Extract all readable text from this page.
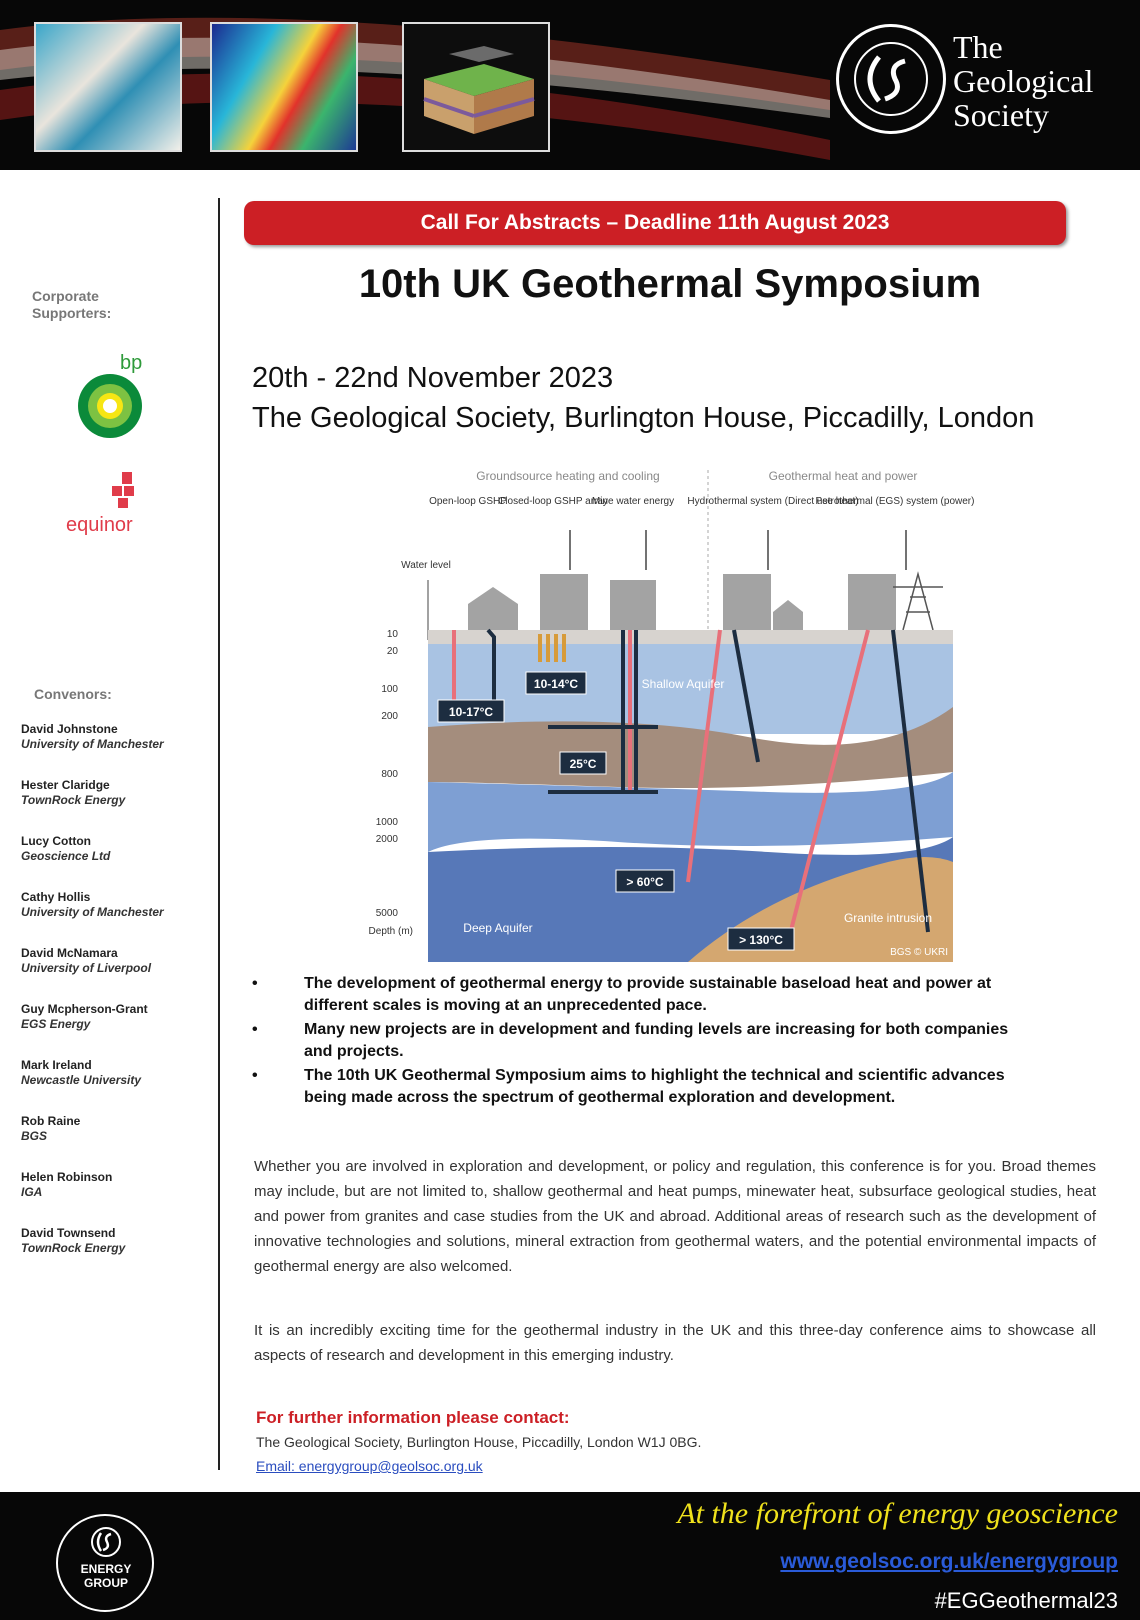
The Geological Society
Corporate Supporters:
bp
equinor
Convenors:
David Johnstone
University of Manchester
Hester Claridge
TownRock Energy
Lucy Cotton
Geoscience Ltd
Cathy Hollis
University of Manchester
David McNamara
University of Liverpool
Guy Mcpherson-Grant
EGS Energy
Mark Ireland
Newcastle University
Rob Raine
BGS
Helen Robinson
IGA
David Townsend
TownRock Energy
Call For Abstracts – Deadline 11th August 2023
10th UK Geothermal Symposium
20th - 22nd November 2023
The Geological Society, Burlington House, Piccadilly, London
Groundsource heating and cooling	Geothermal heat and power
Open-loop GSHP
Closed-loop GSHP array
Mine water energy Hydrothermal system (Direct use heat)
Petrothermal (EGS) system (power)
Water level
10
20
100
200
800
1000
2000
5000
Depth (m)
10-17°C
10-14°C
25°C
> 60°C
> 130°C
Shallow Aquifer
Deep Aquifer
Granite intrusion
BGS © UKRI
•	The development of geothermal energy to provide sustainable baseload heat and power at different scales is moving at an unprecedented pace.
•	Many new projects are in development and funding levels are increasing for both companies and projects.
•	The 10th UK Geothermal Symposium aims to highlight the technical and scientific advances being made across the spectrum of geothermal exploration and development.
Whether you are involved in exploration and development, or policy and regulation, this conference is for you. Broad themes may include, but are not limited to, shallow geothermal and heat pumps, minewater heat, subsurface geological studies, heat and power from granites and case studies from the UK and abroad. Additional areas of research such as the development of innovative technologies and solutions, mineral extraction from geothermal waters, and the potential environmental impacts of geothermal energy are also welcomed.
It is an incredibly exciting time for the geothermal industry in the UK and this three-day conference aims to showcase all aspects of research and development in this emerging industry.
For further information please contact:
The Geological Society, Burlington House, Piccadilly, London W1J 0BG.
Email: energygroup@geolsoc.org.uk
ENERGY GROUP
At the forefront of energy geoscience
www.geolsoc.org.uk/energygroup
#EGGeothermal23
